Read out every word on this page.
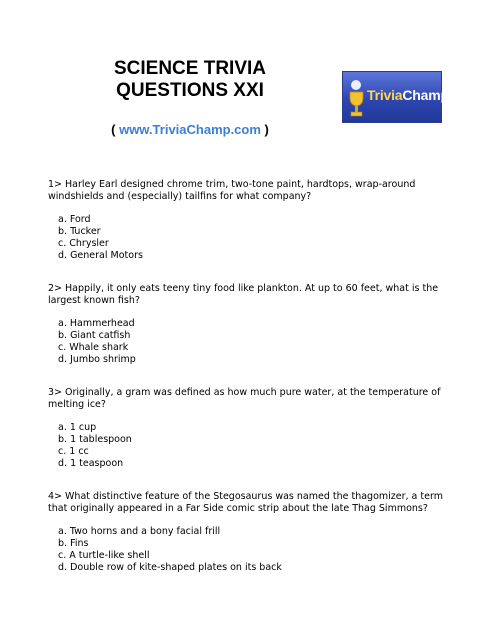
SCIENCE TRIVIA
QUESTIONS XXI	TriviaChamp
( www.TriviaChamp.com )

1> Harley Earl designed chrome trim, two-tone paint, hardtops, wrap-around windshields and (especially) tailfins for what company?

a. Ford
b. Tucker
c. Chrysler
d. General Motors

2> Happily, it only eats teeny tiny food like plankton. At up to 60 feet, what is the largest known fish?

a. Hammerhead
b. Giant catfish
c. Whale shark
d. Jumbo shrimp

3> Originally, a gram was defined as how much pure water, at the temperature of melting ice?

a. 1 cup
b. 1 tablespoon
c. 1 cc
d. 1 teaspoon

4> What distinctive feature of the Stegosaurus was named the thagomizer, a term that originally appeared in a Far Side comic strip about the late Thag Simmons?

a. Two horns and a bony facial frill
b. Fins
c. A turtle-like shell
d. Double row of kite-shaped plates on its back
